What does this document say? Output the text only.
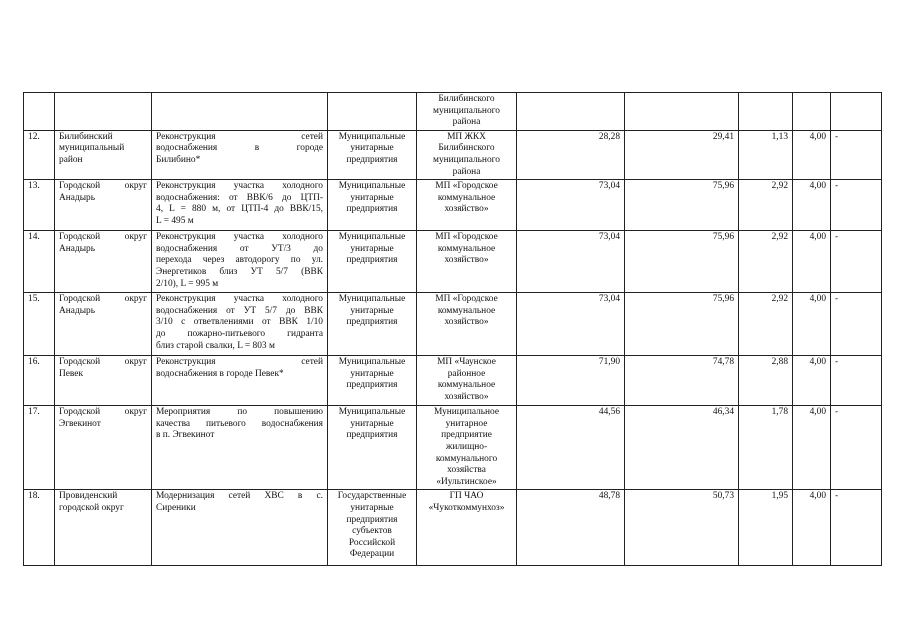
				Билибинского муниципального района					
12.	Билибинский
муниципальный
район	Реконструкция сетей
водоснабжения в городе
Билибино*	Муниципальные унитарные предприятия	МП ЖКХ Билибинского муниципального района	28,28	29,41	1,13	4,00	-
13.	Городской округ
Анадырь	Реконструкция участка холодного
водоснабжения: от ВВК/6 до ЦТП-
4, L = 880 м, от ЦТП-4 до ВВК/15,
L = 495 м	Муниципальные унитарные предприятия	МП «Городское коммунальное хозяйство»	73,04	75,96	2,92	4,00	-
14.	Городской округ
Анадырь	Реконструкция участка холодного
водоснабжения от УТ/3 до
перехода через автодорогу по ул.
Энергетиков близ УТ 5/7 (ВВК
2/10), L = 995 м	Муниципальные унитарные предприятия	МП «Городское коммунальное хозяйство»	73,04	75,96	2,92	4,00	-
15.	Городской округ
Анадырь	Реконструкция участка холодного
водоснабжения от УТ 5/7 до ВВК
3/10 с ответвлениями от ВВК 1/10
до пожарно-питьевого гидранта
близ старой свалки, L = 803 м	Муниципальные унитарные предприятия	МП «Городское коммунальное хозяйство»	73,04	75,96	2,92	4,00	-
16.	Городской округ
Певек	Реконструкция сетей
водоснабжения в городе Певек*	Муниципальные унитарные предприятия	МП «Чаунское районное коммунальное хозяйство»	71,90	74,78	2,88	4,00	-
17.	Городской округ
Эгвекинот	Мероприятия по повышению
качества питьевого водоснабжения
в п. Эгвекинот	Муниципальные унитарные предприятия	Муниципальное унитарное предприятие жилищно-коммунального хозяйства «Иультинское»	44,56	46,34	1,78	4,00	-
18.	Провиденский
городской округ	Модернизация сетей ХВС в с.
Сиреники	Государственные унитарные предприятия субъектов Российской Федерации	ГП ЧАО «Чукоткоммунхоз»	48,78	50,73	1,95	4,00	-
